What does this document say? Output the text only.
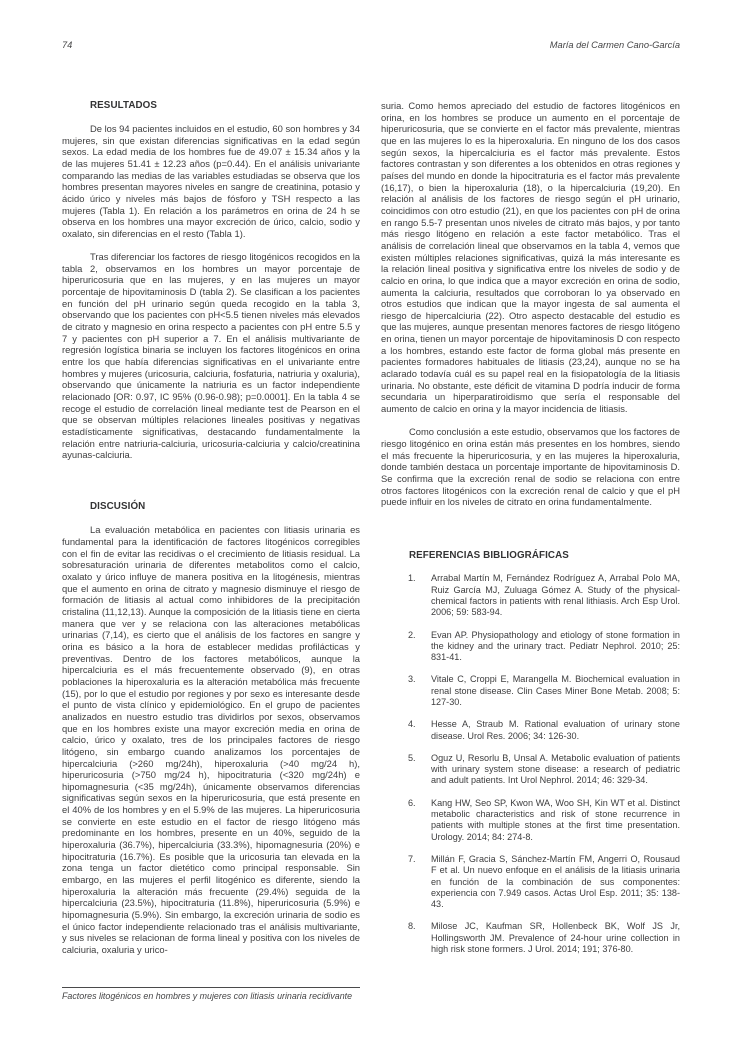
74	María del Carmen Cano-García
RESULTADOS

De los 94 pacientes incluidos en el estudio, 60 son hombres y 34 mujeres, sin que existan diferencias significativas en la edad según sexos. La edad media de los hombres fue de 49.07 ± 15.34 años y la de las mujeres 51.41 ± 12.23 años (p=0.44). En el análisis univariante comparando las medias de las variables estudiadas se observa que los hombres presentan mayores niveles en sangre de creatinina, potasio y ácido úrico y niveles más bajos de fósforo y TSH respecto a las mujeres (Tabla 1). En relación a los parámetros en orina de 24 h se observa en los hombres una mayor excreción de úrico, calcio, sodio y oxalato, sin diferencias en el resto (Tabla 1).

Tras diferenciar los factores de riesgo litogénicos recogidos en la tabla 2, observamos en los hombres un mayor porcentaje de hiperuricosuria que en las mujeres, y en las mujeres un mayor porcentaje de hipovitaminosis D (tabla 2). Se clasifican a los pacientes en función del pH urinario según queda recogido en la tabla 3, observando que los pacientes con pH<5.5 tienen niveles más elevados de citrato y magnesio en orina respecto a pacientes con pH entre 5.5 y 7 y pacientes con pH superior a 7. En el análisis multivariante de regresión logística binaria se incluyen los factores litogénicos en orina entre los que había diferencias significativas en el univariante entre hombres y mujeres (uricosuria, calciuria, fosfaturia, natriuria y oxaluria), observando que únicamente la natriuria es un factor independiente relacionado [OR: 0.97, IC 95% (0.96-0.98); p=0.0001]. En la tabla 4 se recoge el estudio de correlación lineal mediante test de Pearson en el que se observan múltiples relaciones lineales positivas y negativas estadísticamente significativas, destacando fundamentalmente la relación entre natriuria-calciuria, uricosuria-calciuria y calcio/creatinina ayunas-calciuria.

DISCUSIÓN

La evaluación metabólica en pacientes con litiasis urinaria es fundamental para la identificación de factores litogénicos corregibles con el fin de evitar las recidivas o el crecimiento de litiasis residual. La sobresaturación urinaria de diferentes metabolitos como el calcio, oxalato y úrico influye de manera positiva en la litogénesis, mientras que el aumento en orina de citrato y magnesio disminuye el riesgo de formación de litiasis al actual como inhibidores de la precipitación cristalina (11,12,13). Aunque la composición de la litiasis tiene en cierta manera que ver y se relaciona con las alteraciones metabólicas urinarias (7,14), es cierto que el análisis de los factores en sangre y orina es básico a la hora de establecer medidas profilácticas y preventivas. Dentro de los factores metabólicos, aunque la hipercalciuria es el más frecuentemente observado (9), en otras poblaciones la hiperoxaluria es la alteración metabólica más frecuente (15), por lo que el estudio por regiones y por sexo es interesante desde el punto de vista clínico y epidemiológico. En el grupo de pacientes analizados en nuestro estudio tras dividirlos por sexos, observamos que en los hombres existe una mayor excreción media en orina de calcio, úrico y oxalato, tres de los principales factores de riesgo litógeno, sin embargo cuando analizamos los porcentajes de hipercalciuria (>260 mg/24h), hiperoxaluria (>40 mg/24 h), hiperuricosuria (>750 mg/24 h), hipocitraturia (<320 mg/24h) e hipomagnesuria (<35 mg/24h), únicamente observamos diferencias significativas según sexos en la hiperuricosuria, que está presente en el 40% de los hombres y en el 5.9% de las mujeres. La hiperuricosuria se convierte en este estudio en el factor de riesgo litógeno más predominante en los hombres, presente en un 40%, seguido de la hiperoxaluria (36.7%), hipercalciuria (33.3%), hipomagnesuria (20%) e hipocitraturia (16.7%). Es posible que la uricosuria tan elevada en la zona tenga un factor dietético como principal responsable. Sin embargo, en las mujeres el perfil litogénico es diferente, siendo la hiperoxaluria la alteración más frecuente (29.4%) seguida de la hipercalciuria (23.5%), hipocitraturia (11.8%), hiperuricosuria (5.9%) e hipomagnesuria (5.9%). Sin embargo, la excreción urinaria de sodio es el único factor independiente relacionado tras el análisis multivariante, y sus niveles se relacionan de forma lineal y positiva con los niveles de calciuria, oxaluria y urico-

suria. Como hemos apreciado del estudio de factores litogénicos en orina, en los hombres se produce un aumento en el porcentaje de hiperuricosuria, que se convierte en el factor más prevalente, mientras que en las mujeres lo es la hiperoxaluria. En ninguno de los dos casos según sexos, la hipercalciuria es el factor más prevalente. Estos factores contrastan y son diferentes a los obtenidos en otras regiones y países del mundo en donde la hipocitraturia es el factor más prevalente (16,17), o bien la hiperoxaluria (18), o la hipercalciuria (19,20). En relación al análisis de los factores de riesgo según el pH urinario, coincidimos con otro estudio (21), en que los pacientes con pH de orina en rango 5.5-7 presentan unos niveles de citrato más bajos, y por tanto más riesgo litógeno en relación a este factor metabólico. Tras el análisis de correlación lineal que observamos en la tabla 4, vemos que existen múltiples relaciones significativas, quizá la más interesante es la relación lineal positiva y significativa entre los niveles de sodio y de calcio en orina, lo que indica que a mayor excreción en orina de sodio, aumenta la calciuria, resultados que corroboran lo ya observado en otros estudios que indican que la mayor ingesta de sal aumenta el riesgo de hipercalciuria (22). Otro aspecto destacable del estudio es que las mujeres, aunque presentan menores factores de riesgo litógeno en orina, tienen un mayor porcentaje de hipovitaminosis D con respecto a los hombres, estando este factor de forma global más presente en pacientes formadores habituales de litiasis (23,24), aunque no se ha aclarado todavía cuál es su papel real en la fisiopatología de la litiasis urinaria. No obstante, este déficit de vitamina D podría inducir de forma secundaria un hiperparatiroidismo que sería el responsable del aumento de calcio en orina y la mayor incidencia de litiasis.

Como conclusión a este estudio, observamos que los factores de riesgo litogénico en orina están más presentes en los hombres, siendo el más frecuente la hiperuricosuria, y en las mujeres la hiperoxaluria, donde también destaca un porcentaje importante de hipovitaminosis D. Se confirma que la excreción renal de sodio se relaciona con entre otros factores litogénicos con la excreción renal de calcio y que el pH puede influir en los niveles de citrato en orina fundamentalmente.

REFERENCIAS BIBLIOGRÁFICAS
1.	Arrabal Martín M, Fernández Rodríguez A, Arrabal Polo MA, Ruiz García MJ, Zuluaga Gómez A. Study of the physical-chemical factors in patients with renal lithiasis. Arch Esp Urol. 2006; 59: 583-94.
2.	Evan AP. Physiopathology and etiology of stone formation in the kidney and the urinary tract. Pediatr Nephrol. 2010; 25: 831-41.
3.	Vitale C, Croppi E, Marangella M. Biochemical evaluation in renal stone disease. Clin Cases Miner Bone Metab. 2008; 5: 127-30.
4.	Hesse A, Straub M. Rational evaluation of urinary stone disease. Urol Res. 2006; 34: 126-30.
5.	Oguz U, Resorlu B, Unsal A. Metabolic evaluation of patients with urinary system stone disease: a research of pediatric and adult patients. Int Urol Nephrol. 2014; 46: 329-34.
6.	Kang HW, Seo SP, Kwon WA, Woo SH, Kin WT et al. Distinct metabolic characteristics and risk of stone recurrence in patients with multiple stones at the first time presentation. Urology. 2014; 84: 274-8.
7.	Millán F, Gracia S, Sánchez-Martín FM, Angerri O, Rousaud F et al. Un nuevo enfoque en el análisis de la litiasis urinaria en función de la combinación de sus componentes: experiencia con 7.949 casos. Actas Urol Esp. 2011; 35: 138-43.
8.	Milose JC, Kaufman SR, Hollenbeck BK, Wolf JS Jr, Hollingsworth JM. Prevalence of 24-hour urine collection in high risk stone formers. J Urol. 2014; 191; 376-80.
Factores litogénicos en hombres y mujeres con litiasis urinaria recidivante
